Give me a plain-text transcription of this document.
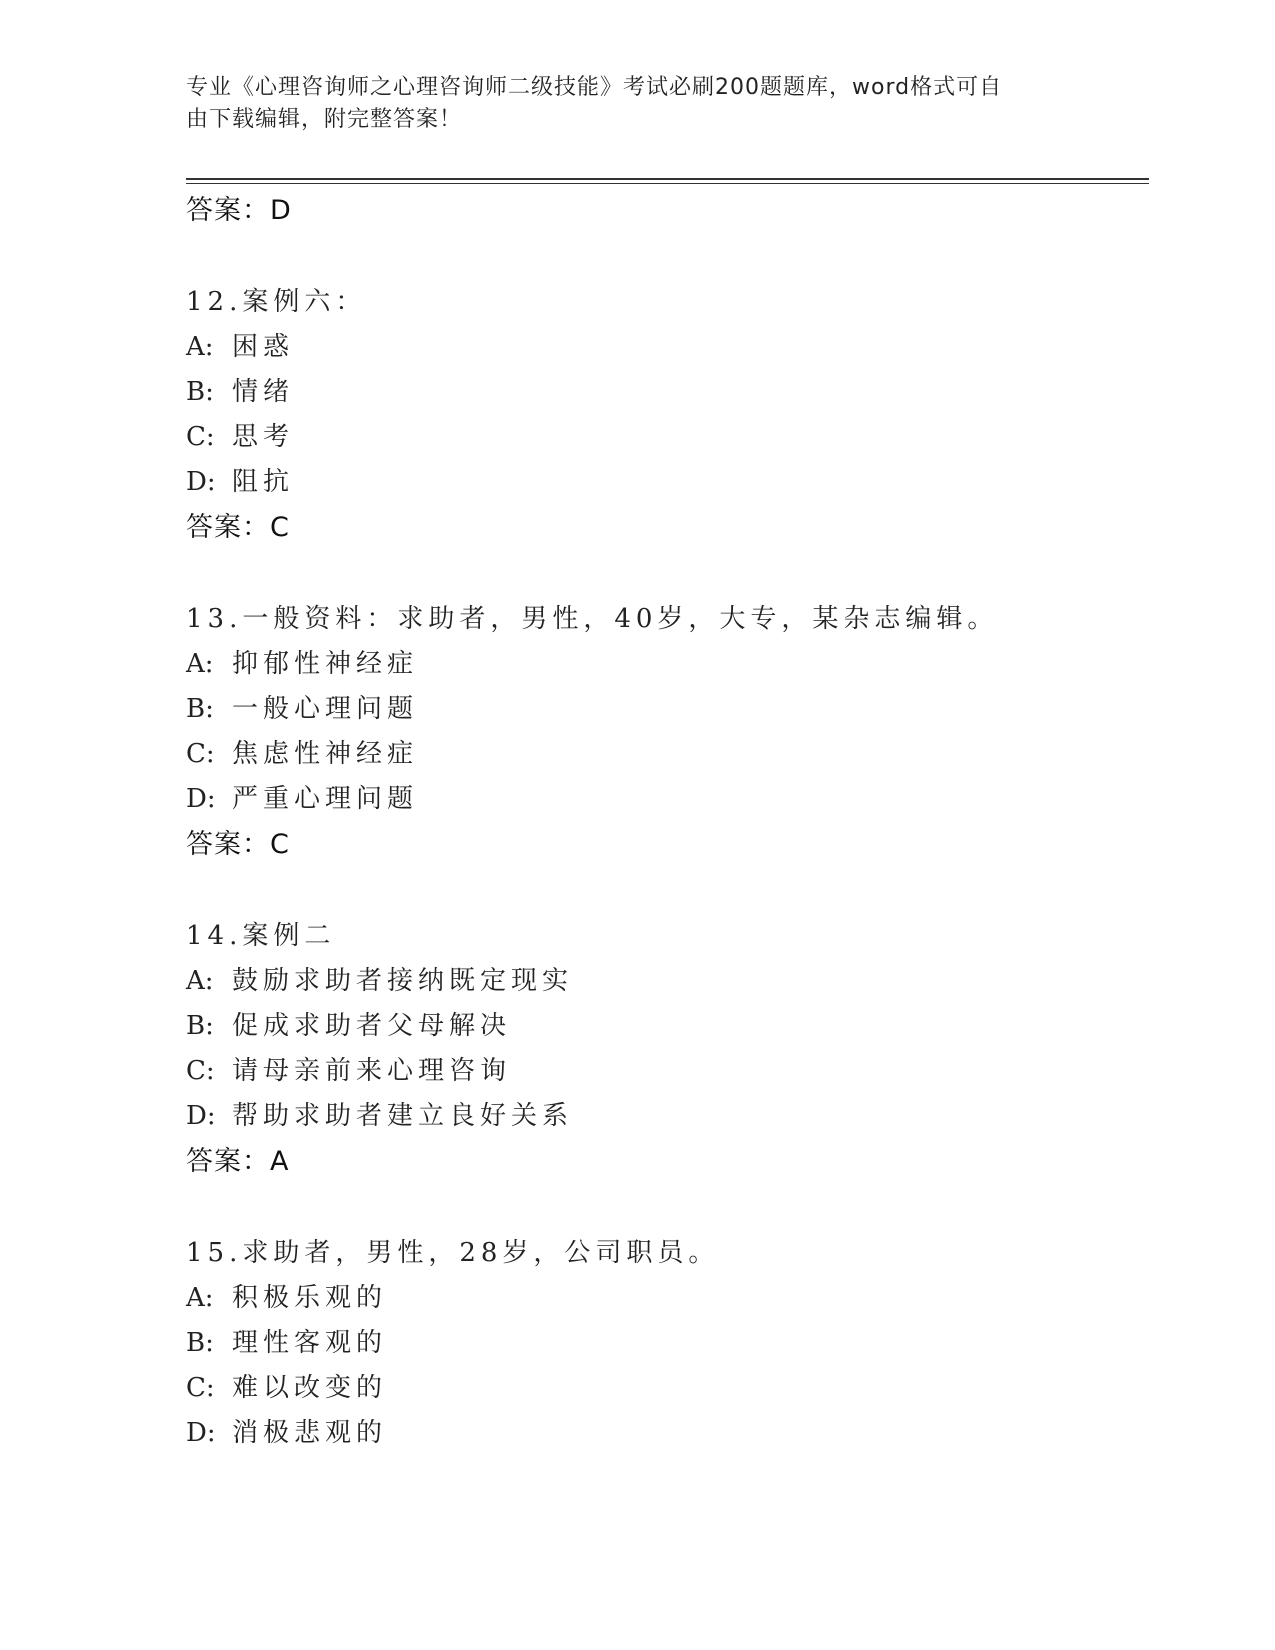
专业《心理咨询师之心理咨询师二级技能》考试必刷200题题库，word格式可自
由下载编辑，附完整答案！
答案：D
12.案例六：
A: 困惑
B: 情绪
C: 思考
D: 阻抗
答案：C
13.一般资料：求助者，男性，40岁，大专，某杂志编辑。
A: 抑郁性神经症
B: 一般心理问题
C: 焦虑性神经症
D: 严重心理问题
答案：C
14.案例二
A: 鼓励求助者接纳既定现实
B: 促成求助者父母解决
C: 请母亲前来心理咨询
D: 帮助求助者建立良好关系
答案：A
15.求助者，男性，28岁，公司职员。
A: 积极乐观的
B: 理性客观的
C: 难以改变的
D: 消极悲观的
